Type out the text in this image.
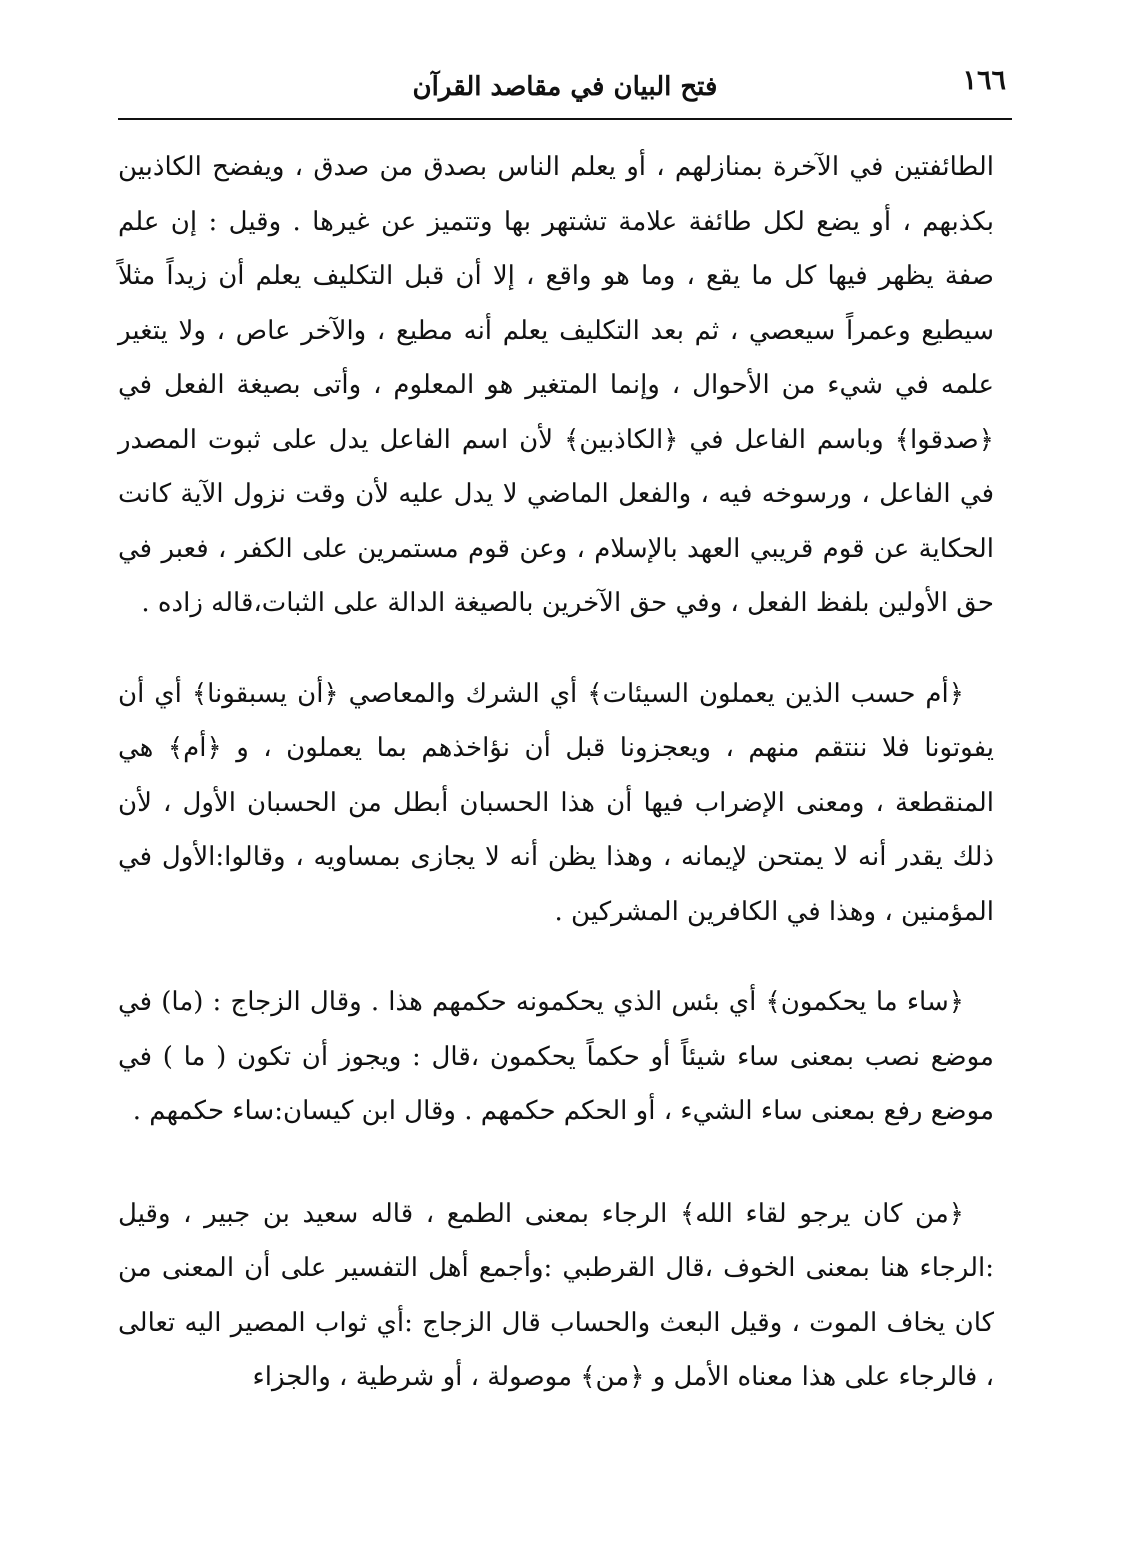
١٦٦
فتح البيان في مقاصد القرآن

الطائفتين في الآخرة بمنازلهم ، أو يعلم الناس بصدق من صدق ، ويفضح الكاذبين بكذبهم ، أو يضع لكل طائفة علامة تشتهر بها وتتميز عن غيرها . وقيل : إن علم صفة يظهر فيها كل ما يقع ، وما هو واقع ، إلا أن قبل التكليف يعلم أن زيداً مثلاً سيطيع وعمراً سيعصي ، ثم بعد التكليف يعلم أنه مطيع ، والآخر عاص ، ولا يتغير علمه في شيء من الأحوال ، وإنما المتغير هو المعلوم ، وأتى بصيغة الفعل في ﴿صدقوا﴾ وباسم الفاعل في ﴿الكاذبين﴾ لأن اسم الفاعل يدل على ثبوت المصدر في الفاعل ، ورسوخه فيه ، والفعل الماضي لا يدل عليه لأن وقت نزول الآية كانت الحكاية عن قوم قريبي العهد بالإسلام ، وعن قوم مستمرين على الكفر ، فعبر في حق الأولين بلفظ الفعل ، وفي حق الآخرين بالصيغة الدالة على الثبات،قاله زاده .

﴿أم حسب الذين يعملون السيئات﴾ أي الشرك والمعاصي ﴿أن يسبقونا﴾ أي أن يفوتونا فلا ننتقم منهم ، ويعجزونا قبل أن نؤاخذهم بما يعملون ، و ﴿أم﴾ هي المنقطعة ، ومعنى الإضراب فيها أن هذا الحسبان أبطل من الحسبان الأول ، لأن ذلك يقدر أنه لا يمتحن لإيمانه ، وهذا يظن أنه لا يجازى بمساويه ، وقالوا:الأول في المؤمنين ، وهذا في الكافرين المشركين .

﴿ساء ما يحكمون﴾ أي بئس الذي يحكمونه حكمهم هذا . وقال الزجاج : (ما) في موضع نصب بمعنى ساء شيئاً أو حكماً يحكمون ،قال : ويجوز أن تكون ( ما ) في موضع رفع بمعنى ساء الشيء ، أو الحكم حكمهم . وقال ابن كيسان:ساء حكمهم .

﴿من كان يرجو لقاء الله﴾ الرجاء بمعنى الطمع ، قاله سعيد بن جبير ، وقيل :الرجاء هنا بمعنى الخوف ،قال القرطبي :وأجمع أهل التفسير على أن المعنى من كان يخاف الموت ، وقيل البعث والحساب قال الزجاج :أي ثواب المصير اليه تعالى ، فالرجاء على هذا معناه الأمل و ﴿من﴾ موصولة ، أو شرطية ، والجزاء
